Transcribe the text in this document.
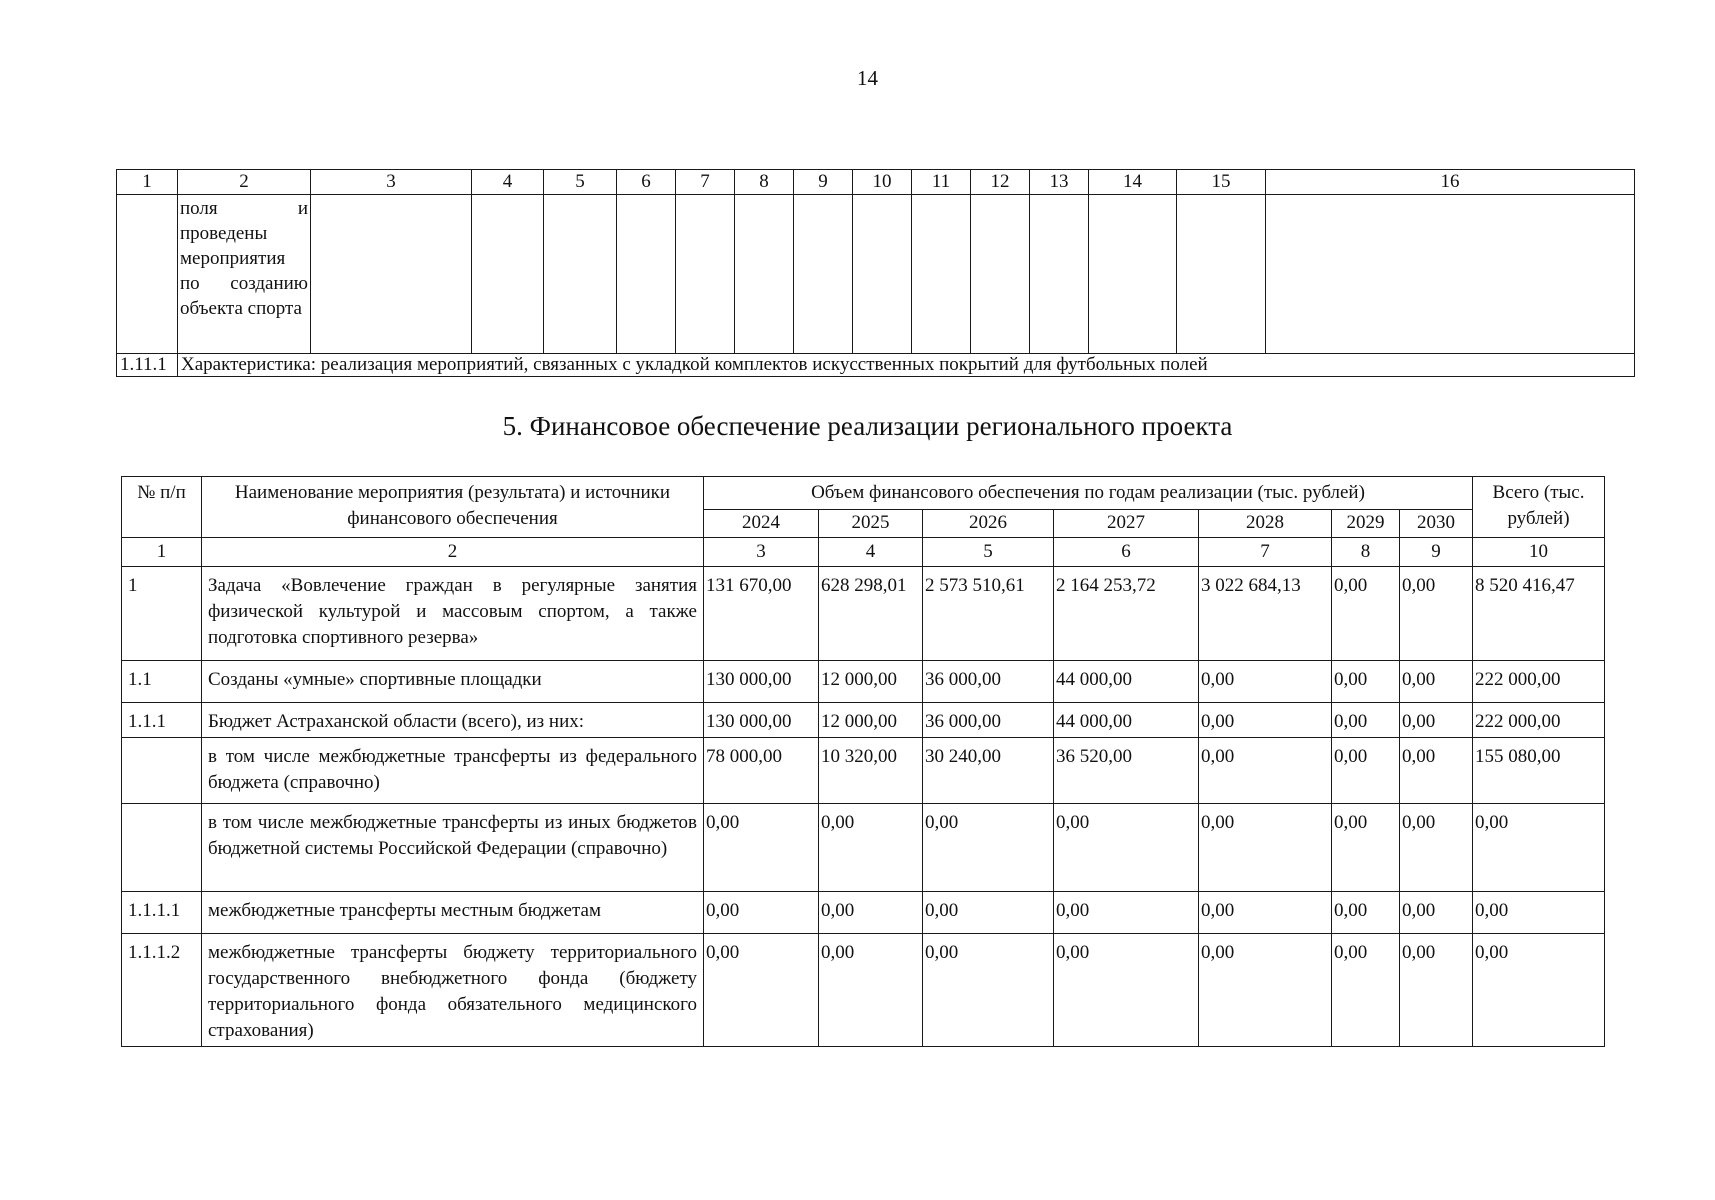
14
1	2	3	4	5	6	7	8	9	10	11	12	13	14	15	16
	поля и проведены мероприятия по созданию объекта спорта														
1.11.1	Характеристика: реализация мероприятий, связанных с укладкой комплектов искусственных покрытий для футбольных полей														
5. Финансовое обеспечение реализации регионального проекта
№ п/п	Наименование мероприятия (результата) и источники финансового обеспечения	Объем финансового обеспечения по годам реализации (тыс. рублей)							Всего (тыс. рублей)
		2024	2025	2026	2027	2028	2029	2030	
1	2	3	4	5	6	7	8	9	10
1	Задача «Вовлечение граждан в регулярные занятия физической культурой и массовым спортом, а также подготовка спортивного резерва»	131 670,00	628 298,01	2 573 510,61	2 164 253,72	3 022 684,13	0,00	0,00	8 520 416,47
1.1	Созданы «умные» спортивные площадки	130 000,00	12 000,00	36 000,00	44 000,00	0,00	0,00	0,00	222 000,00
1.1.1	Бюджет Астраханской области (всего), из них:	130 000,00	12 000,00	36 000,00	44 000,00	0,00	0,00	0,00	222 000,00
	в том числе межбюджетные трансферты из федерального бюджета (справочно)	78 000,00	10 320,00	30 240,00	36 520,00	0,00	0,00	0,00	155 080,00
	в том числе межбюджетные трансферты из иных бюджетов бюджетной системы Российской Федерации (справочно)	0,00	0,00	0,00	0,00	0,00	0,00	0,00	0,00
1.1.1.1	межбюджетные трансферты местным бюджетам	0,00	0,00	0,00	0,00	0,00	0,00	0,00	0,00
1.1.1.2	межбюджетные трансферты бюджету территориального государственного внебюджетного фонда (бюджету территориального фонда обязательного медицинского страхования)	0,00	0,00	0,00	0,00	0,00	0,00	0,00	0,00
